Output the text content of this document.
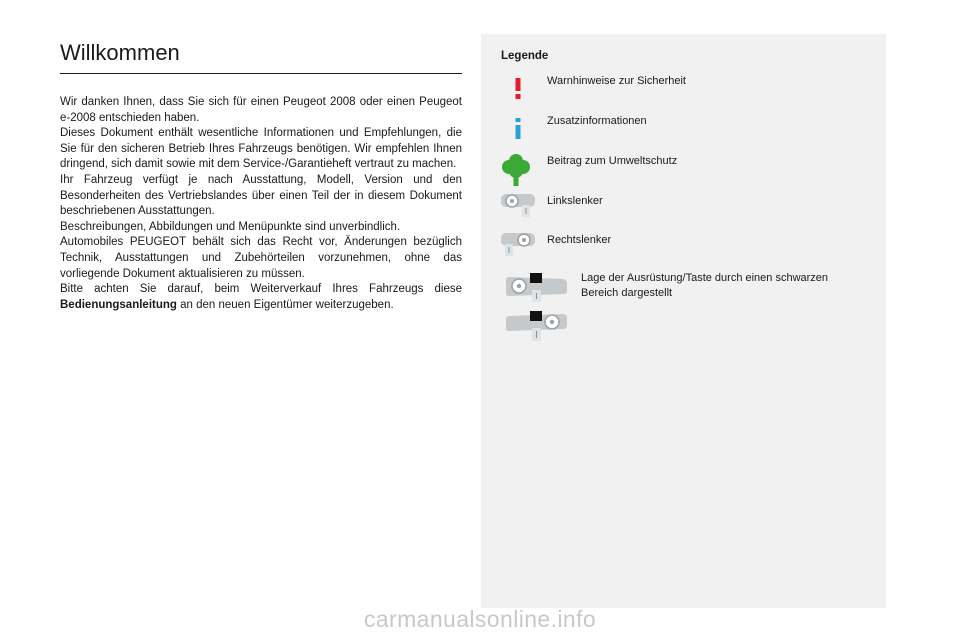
Willkommen

Wir danken Ihnen, dass Sie sich für einen Peugeot 2008 oder einen Peugeot e-2008 entschieden haben.

Dieses Dokument enthält wesentliche Informationen und Empfehlungen, die Sie für den sicheren Betrieb Ihres Fahrzeugs benötigen. Wir empfehlen Ihnen dringend, sich damit sowie mit dem Service-/Garantieheft vertraut zu machen.

Ihr Fahrzeug verfügt je nach Ausstattung, Modell, Version und den Besonderheiten des Vertriebslandes über einen Teil der in diesem Dokument beschriebenen Ausstattungen.

Beschreibungen, Abbildungen und Menüpunkte sind unverbindlich.

Automobiles PEUGEOT behält sich das Recht vor, Änderungen bezüglich Technik, Ausstattungen und Zubehörteilen vorzunehmen, ohne das vorliegende Dokument aktualisieren zu müssen.

Bitte achten Sie darauf, beim Weiterverkauf Ihres Fahrzeugs diese Bedienungsanleitung an den neuen Eigentümer weiterzugeben.

Legende
Warnhinweise zur Sicherheit
Zusatzinformationen
Beitrag zum Umweltschutz
Linkslenker
Rechtslenker
Lage der Ausrüstung/Taste durch einen schwarzen Bereich dargestellt
carmanualsonline.info
